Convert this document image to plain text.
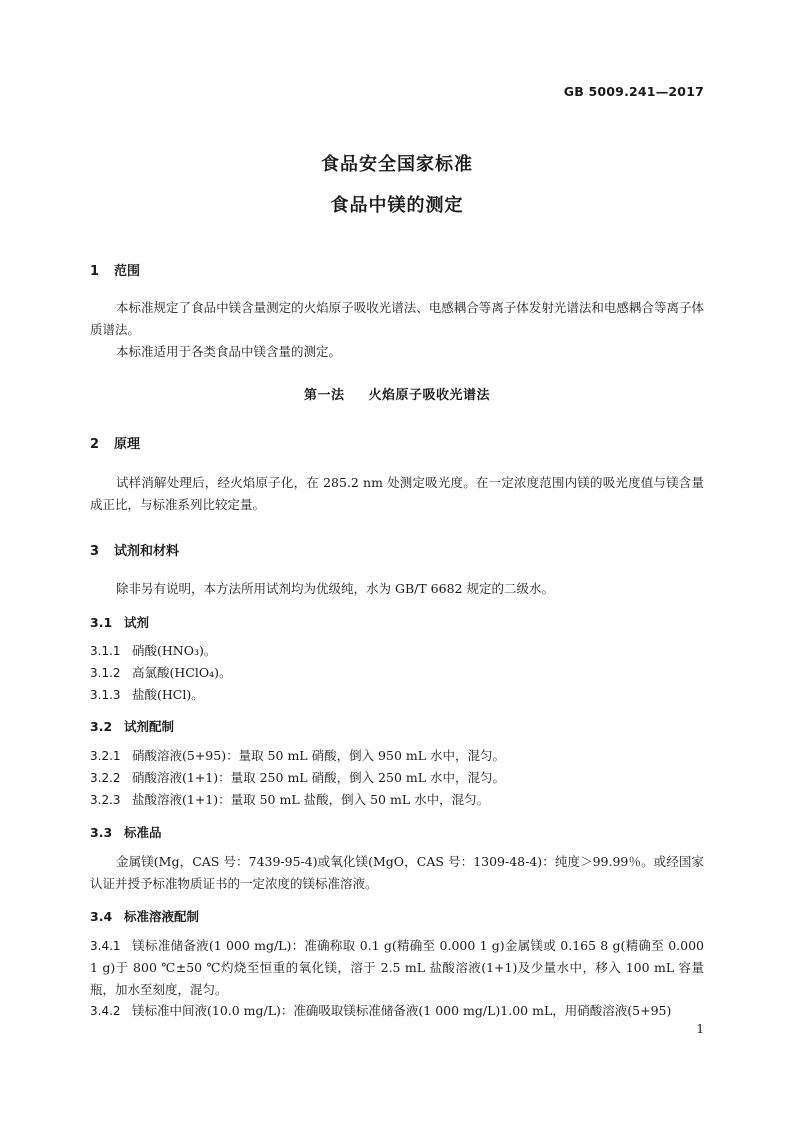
GB 5009.241—2017
食品安全国家标准
食品中镁的测定
1 范围
本标准规定了食品中镁含量测定的火焰原子吸收光谱法、电感耦合等离子体发射光谱法和电感耦合等离子体质谱法。
本标准适用于各类食品中镁含量的测定。
第一法 火焰原子吸收光谱法
2 原理
试样消解处理后，经火焰原子化，在 285.2 nm 处测定吸光度。在一定浓度范围内镁的吸光度值与镁含量成正比，与标准系列比较定量。
3 试剂和材料
除非另有说明，本方法所用试剂均为优级纯，水为 GB/T 6682 规定的二级水。
3.1 试剂
3.1.1 硝酸(HNO₃)。
3.1.2 高氯酸(HClO₄)。
3.1.3 盐酸(HCl)。
3.2 试剂配制
3.2.1 硝酸溶液(5+95)：量取 50 mL 硝酸，倒入 950 mL 水中，混匀。
3.2.2 硝酸溶液(1+1)：量取 250 mL 硝酸，倒入 250 mL 水中，混匀。
3.2.3 盐酸溶液(1+1)：量取 50 mL 盐酸，倒入 50 mL 水中，混匀。
3.3 标准品
金属镁(Mg，CAS 号：7439-95-4)或氧化镁(MgO，CAS 号：1309-48-4)：纯度＞99.99％。或经国家认证并授予标准物质证书的一定浓度的镁标准溶液。
3.4 标准溶液配制
3.4.1 镁标准储备液(1 000 mg/L)：准确称取 0.1 g(精确至 0.000 1 g)金属镁或 0.165 8 g(精确至 0.000 1 g)于 800 ℃±50 ℃灼烧至恒重的氧化镁，溶于 2.5 mL 盐酸溶液(1+1)及少量水中，移入 100 mL 容量瓶，加水至刻度，混匀。
3.4.2 镁标准中间液(10.0 mg/L)：准确吸取镁标准储备液(1 000 mg/L)1.00 mL，用硝酸溶液(5+95)
1
